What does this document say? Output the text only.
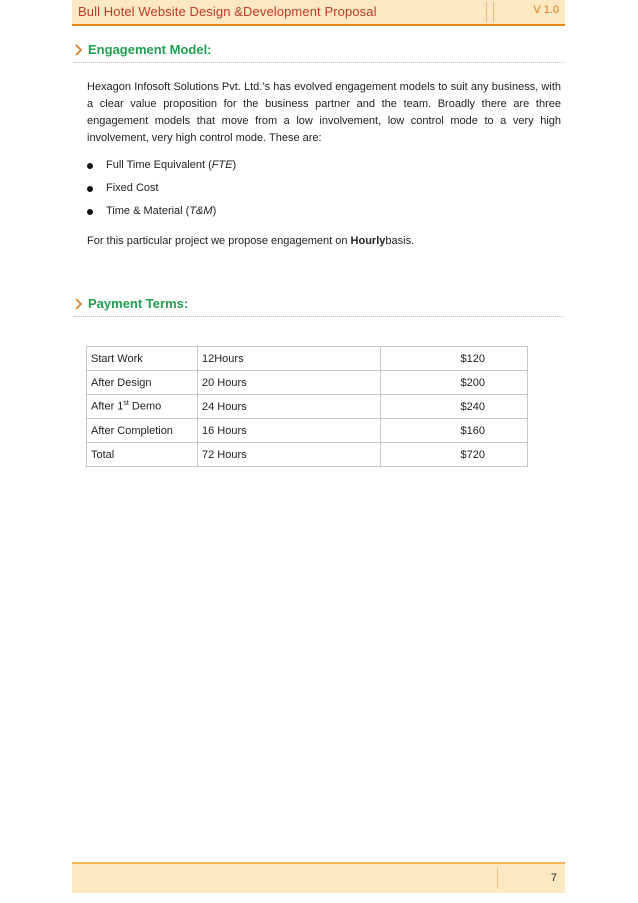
Bull Hotel Website Design &Development Proposal	V 1.0
Engagement Model:
Hexagon Infosoft Solutions Pvt. Ltd.’s has evolved engagement models to suit any business, with a clear value proposition for the business partner and the team. Broadly there are three engagement models that move from a low involvement, low control mode to a very high involvement, very high control mode. These are:
Full Time Equivalent (FTE)
Fixed Cost
Time & Material (T&M)
For this particular project we propose engagement on Hourlybasis.
Payment Terms:
Start Work	12Hours	$120
After Design	20 Hours	$200
After 1st Demo	24 Hours	$240
After Completion	16 Hours	$160
Total	72 Hours	$720
7
